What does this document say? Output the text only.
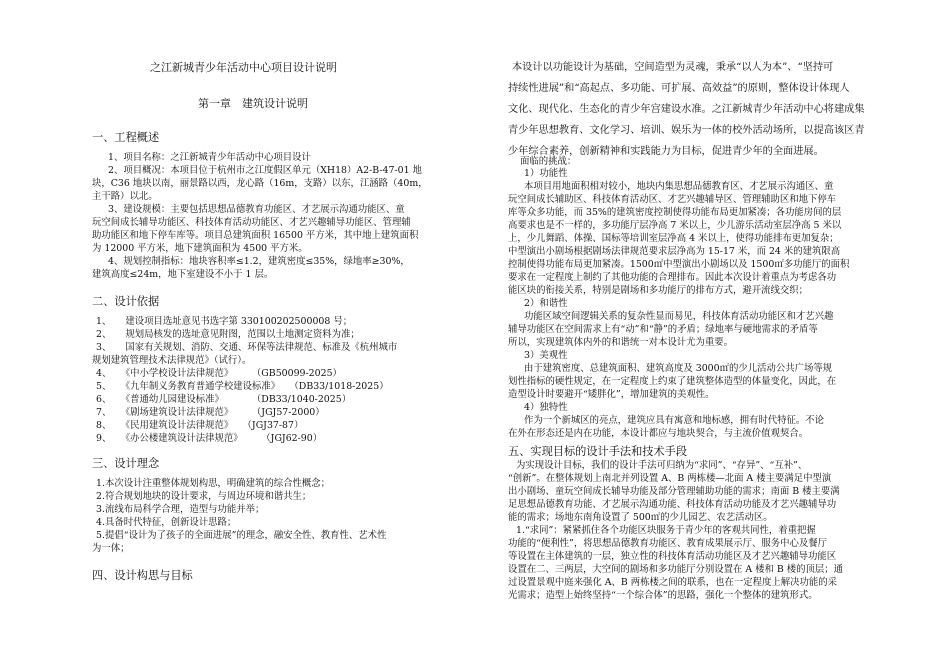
之江新城青少年活动中心项目设计说明
第一章　建筑设计说明
一、工程概述
1、项目名称：之江新城青少年活动中心项目设计
2、项目概况：本项目位于杭州市之江度假区单元（XH18）A2-B-47-01 地
块，C36 地块以南，丽景路以西，龙心路（16m，支路）以东，江涵路（40m，
主干路）以北。
3、建设规模：主要包括思想品德教育功能区、才艺展示沟通功能区、童
玩空间成长辅导功能区、科技体育活动功能区、才艺兴趣辅导功能区、管理辅
助功能区和地下停车库等。项目总建筑面积 16500 平方米，其中地上建筑面积
为 12000 平方米，地下建筑面积为 4500 平方米。
4、规划控制指标：地块容积率≤1.2，建筑密度≤35%，绿地率≥30%，
建筑高度≤24m，地下室建设不小于 1 层。
二、设计依据
1、　　建设项目选址意见书选字第 330100202500008 号；
2、　　规划局核发的选址意见附图，范围以土地测定资料为准；
3、　　国家有关规划、消防、交通、环保等法律规范、标准及《杭州城市
规划建筑管理技术法律规范》（试行）。
4、　　《中小学校设计法律规范》　　　（GB50099-2025）
5、　　《九年制义务教育普通学校建设标准》　　（DB33/1018-2025）
6、　　《普通幼儿园建设标准》　　　　（DB33/1040-2025）
7、　　《剧场建筑设计法律规范》　　　（JGJ57-2000）
8、　　《民用建筑设计法律规范》　　（JGJ37-87）
9、　　《办公楼建筑设计法律规范》　　　（JGJ62-90）
三、设计理念
1.本次设计注重整体规划构思，明确建筑的综合性概念；
2.符合规划地块的设计要求，与周边环境和谐共生；
3.流线布局科学合理，造型与功能并举；
4.具备时代特征，创新设计思路；
5.提倡“设计为了孩子的全面进展”的理念，融安全性、教育性、艺术性
为一体；
四、设计构思与目标
本设计以功能设计为基础，空间造型为灵魂，秉承“以人为本”、“坚持可
持续性进展”和“高起点、多功能、可扩展、高效益”的原则，整体设计体现人
文化、现代化、生态化的青少年宫建设水准。之江新城青少年活动中心将建成集
青少年思想教育、文化学习、培训、娱乐为一体的校外活动场所，以提高该区青
少年综合素养，创新精神和实践能力为目标，促进青少年的全面进展。
面临的挑战：
1）功能性
本项目用地面积相对较小，地块内集思想品德教育区、才艺展示沟通区、童
玩空间成长辅助区、科技体育活动区、才艺兴趣辅导区、管理辅助区和地下停车
库等众多功能，而 35%的建筑密度控制使得功能布局更加紧凑；各功能房间的层
高要求也是不一样的，多功能厅层净高 7 米以上，少儿游乐活动室层净高 5 米以
上，少儿舞蹈、体操、国标等培训室层净高 4 米以上，使得功能排布更加复杂；
中型演出小剧场根据剧场法律规范要求层净高为 15-17 米，而 24 米的建筑限高
控制使得功能布局更加紧凑。1500㎡中型演出小剧场以及 1500㎡多功能厅的面积
要求在一定程度上制约了其他功能的合理排布。因此本次设计着重点为考虑各功
能区块的衔接关系，特别是剧场和多功能厅的排布方式，避开流线交织；
2）和谐性
功能区域空间逻辑关系的复杂性显而易见，科技体育活动功能区和才艺兴趣
辅导功能区在空间需求上有“动”和“静”的矛盾；绿地率与硬地需求的矛盾等
所以，实现建筑体内外的和谐统一对本设计尤为重要。
3）美观性
由于建筑密度、总建筑面积、建筑高度及 3000㎡的少儿活动公共广场等规
划性指标的硬性规定，在一定程度上约束了建筑整体造型的体量变化，因此，在
造型设计时要避开“矮胖化”，增加建筑的美观性。
4）独特性
作为一个新城区的亮点，建筑应具有寓意和地标感，拥有时代特征。不论
在外在形态还是内在功能，本设计都应与地块契合，与主流价值观契合。
五、实现目标的设计手法和技术手段
为实现设计目标，我们的设计手法可归纳为“求同”、“存异”、“互补”、
“创新”。在整体规划上南北并列设置 A、B 两栋楼—北面 A 楼主要满足中型演
出小剧场、童玩空间成长辅导功能及部分管理辅助功能的需求；南面 B 楼主要满
足思想品德教育功能、才艺展示沟通功能、科技体育活动功能及才艺兴趣辅导功
能的需求；场地东南角设置了 500㎡的少儿园艺、农艺活动区。
1.“求同”：紧紧抓住各个功能区块服务于青少年的客观共同性，着重把握
功能的“便利性”，将思想品德教育功能区、教育成果展示厅、服务中心及餐厅
等设置在主体建筑的一层，独立性的科技体育活动功能区及才艺兴趣辅导功能区
设置在二、三两层，大空间的剧场和多功能厅分别设置在 A 楼和 B 楼的顶层；通
过设置景观中庭来强化 A、B 两栋楼之间的联系，也在一定程度上解决功能的采
光需求；造型上始终坚持“一个综合体”的思路，强化一个整体的建筑形式。
